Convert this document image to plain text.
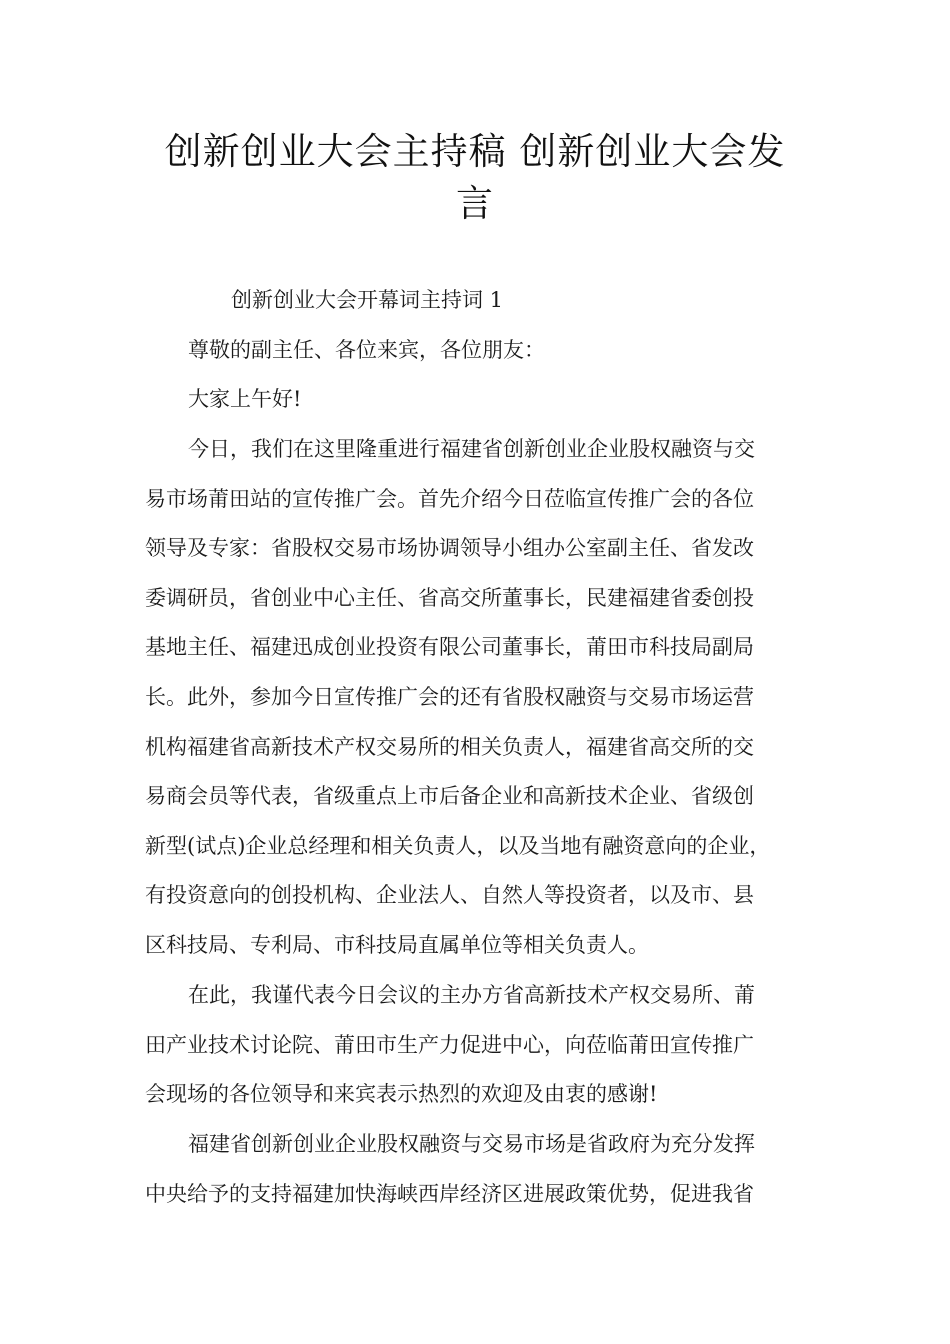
创新创业大会主持稿 创新创业大会发
言
创新创业大会开幕词主持词 1
尊敬的副主任、各位来宾，各位朋友：
大家上午好!
今日，我们在这里隆重进行福建省创新创业企业股权融资与交
易市场莆田站的宣传推广会。首先介绍今日莅临宣传推广会的各位
领导及专家：省股权交易市场协调领导小组办公室副主任、省发改
委调研员，省创业中心主任、省高交所董事长，民建福建省委创投
基地主任、福建迅成创业投资有限公司董事长，莆田市科技局副局
长。此外，参加今日宣传推广会的还有省股权融资与交易市场运营
机构福建省高新技术产权交易所的相关负责人，福建省高交所的交
易商会员等代表，省级重点上市后备企业和高新技术企业、省级创
新型(试点)企业总经理和相关负责人，以及当地有融资意向的企业，
有投资意向的创投机构、企业法人、自然人等投资者，以及市、县
区科技局、专利局、市科技局直属单位等相关负责人。
在此，我谨代表今日会议的主办方省高新技术产权交易所、莆
田产业技术讨论院、莆田市生产力促进中心，向莅临莆田宣传推广
会现场的各位领导和来宾表示热烈的欢迎及由衷的感谢!
福建省创新创业企业股权融资与交易市场是省政府为充分发挥
中央给予的支持福建加快海峡西岸经济区进展政策优势，促进我省
